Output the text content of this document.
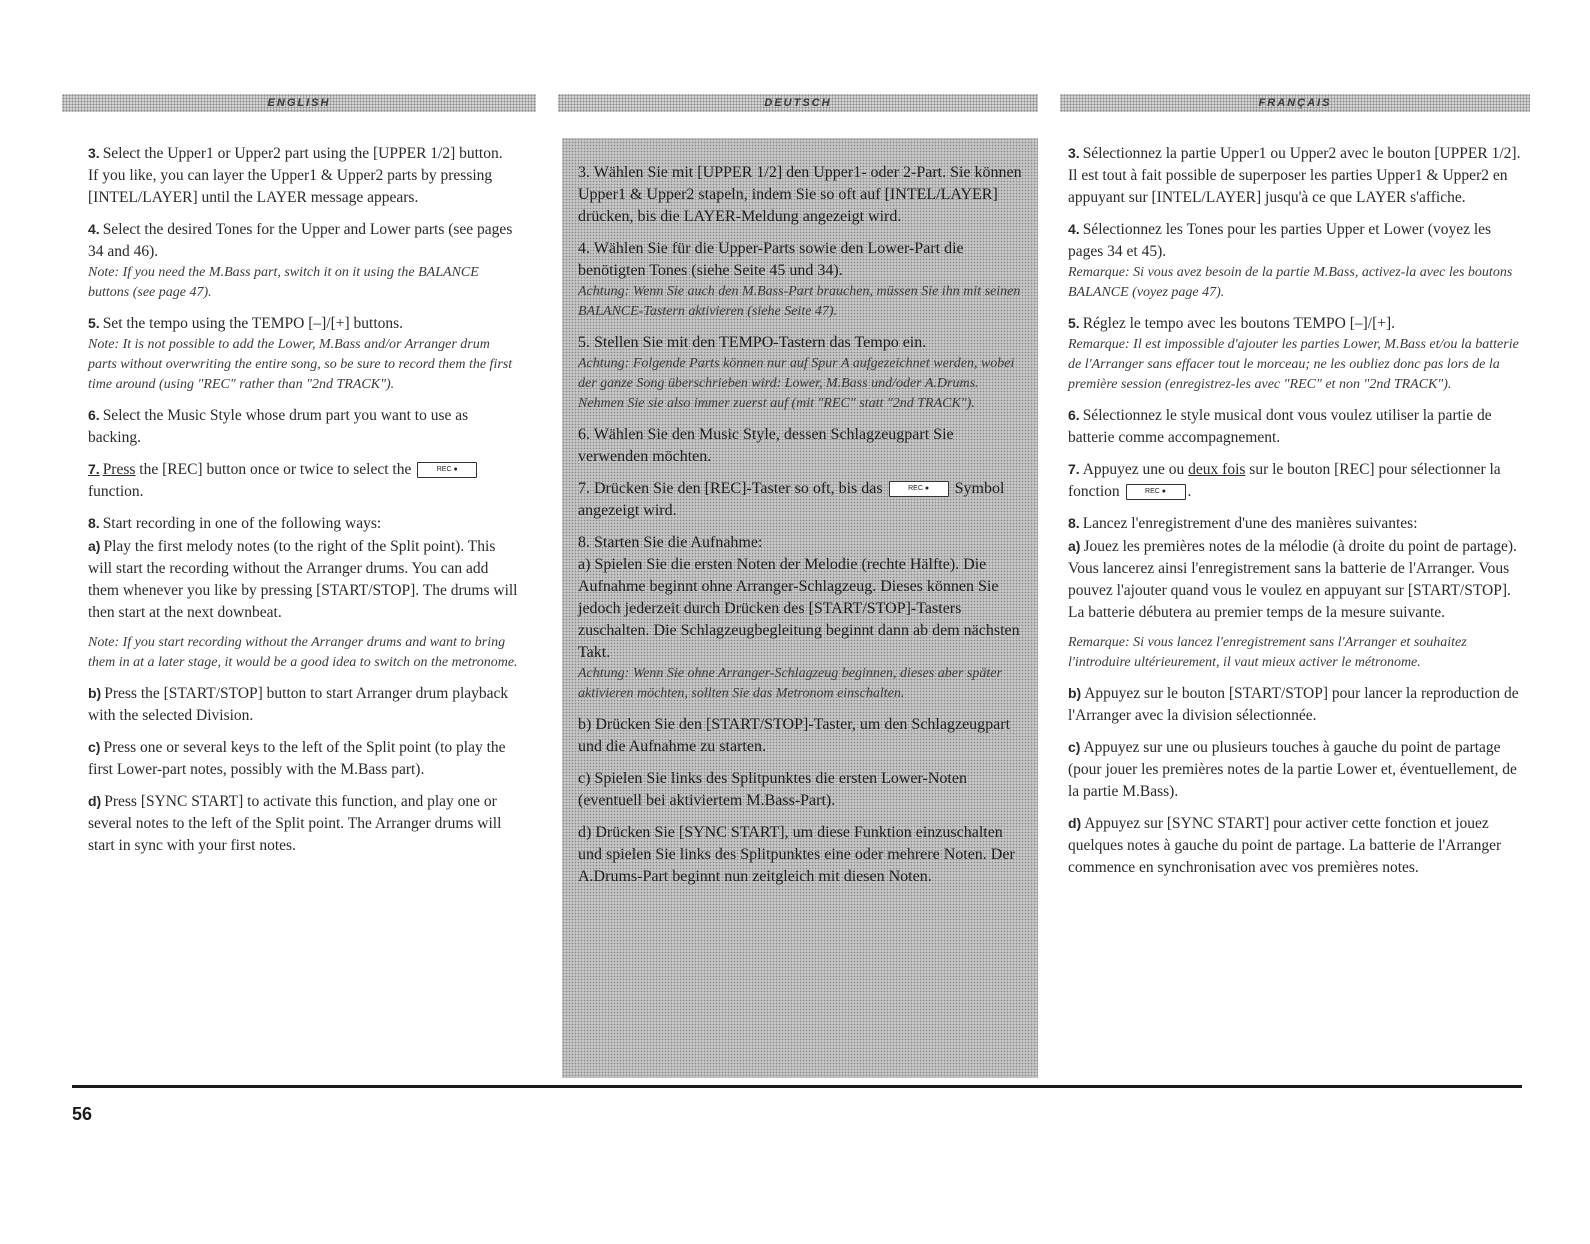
ENGLISH
3. Select the Upper1 or Upper2 part using the [UPPER 1/2] button.
If you like, you can layer the Upper1 & Upper2 parts by pressing [INTEL/LAYER] until the LAYER message appears.
4. Select the desired Tones for the Upper and Lower parts (see pages 34 and 46).
Note: If you need the M.Bass part, switch it on it using the BALANCE buttons (see page 47).
5. Set the tempo using the TEMPO [–]/[+] buttons.
Note: It is not possible to add the Lower, M.Bass and/or Arranger drum parts without overwriting the entire song, so be sure to record them the first time around (using "REC" rather than "2nd TRACK").
6. Select the Music Style whose drum part you want to use as backing.
7. Press the [REC] button once or twice to select the REC ● function.
8. Start recording in one of the following ways:
a) Play the first melody notes (to the right of the Split point). This will start the recording without the Arranger drums. You can add them whenever you like by pressing [START/STOP]. The drums will then start at the next downbeat.
Note: If you start recording without the Arranger drums and want to bring them in at a later stage, it would be a good idea to switch on the metronome.
b) Press the [START/STOP] button to start Arranger drum playback with the selected Division.
c) Press one or several keys to the left of the Split point (to play the first Lower-part notes, possibly with the M.Bass part).
d) Press [SYNC START] to activate this function, and play one or several notes to the left of the Split point. The Arranger drums will start in sync with your first notes.
DEUTSCH
3. Wählen Sie mit [UPPER 1/2] den Upper1- oder 2-Part. Sie können Upper1 & Upper2 stapeln, indem Sie so oft auf [INTEL/LAYER] drücken, bis die LAYER-Meldung angezeigt wird.
4. Wählen Sie für die Upper-Parts sowie den Lower-Part die benötigten Tones (siehe Seite 45 und 34).
Achtung: Wenn Sie auch den M.Bass-Part brauchen, müssen Sie ihn mit seinen BALANCE-Tastern aktivieren (siehe Seite 47).
5. Stellen Sie mit den TEMPO-Tastern das Tempo ein.
Achtung: Folgende Parts können nur auf Spur A aufgezeichnet werden, wobei der ganze Song überschrieben wird: Lower, M.Bass und/oder A.Drums. Nehmen Sie sie also immer zuerst auf (mit "REC" statt "2nd TRACK").
6. Wählen Sie den Music Style, dessen Schlagzeugpart Sie verwenden möchten.
7. Drücken Sie den [REC]-Taster so oft, bis das REC ●	Symbol angezeigt wird.
8. Starten Sie die Aufnahme:
a) Spielen Sie die ersten Noten der Melodie (rechte Hälfte). Die Aufnahme beginnt ohne Arranger-Schlagzeug. Dieses können Sie jedoch jederzeit durch Drücken des [START/STOP]-Tasters zuschalten. Die Schlagzeugbegleitung beginnt dann ab dem nächsten Takt.
Achtung: Wenn Sie ohne Arranger-Schlagzeug beginnen, dieses aber später aktivieren möchten, sollten Sie das Metronom einschalten.
b) Drücken Sie den [START/STOP]-Taster, um den Schlagzeugpart und die Aufnahme zu starten.
c) Spielen Sie links des Splitpunktes die ersten Lower-Noten (eventuell bei aktiviertem M.Bass-Part).
d) Drücken Sie [SYNC START], um diese Funktion einzuschalten und spielen Sie links des Splitpunktes eine oder mehrere Noten. Der A.Drums-Part beginnt nun zeitgleich mit diesen Noten.
FRANÇAIS
3. Sélectionnez la partie Upper1 ou Upper2 avec le bouton [UPPER 1/2].
Il est tout à fait possible de superposer les parties Upper1 & Upper2 en appuyant sur [INTEL/LAYER] jusqu'à ce que LAYER s'affiche.
4. Sélectionnez les Tones pour les parties Upper et Lower (voyez les pages 34 et 45).
Remarque: Si vous avez besoin de la partie M.Bass, activez-la avec les boutons BALANCE (voyez page 47).
5. Réglez le tempo avec les boutons TEMPO [–]/[+].
Remarque: Il est impossible d'ajouter les parties Lower, M.Bass et/ou la batterie de l'Arranger sans effacer tout le morceau; ne les oubliez donc pas lors de la première session (enregistrez-les avec "REC" et non "2nd TRACK").
6. Sélectionnez le style musical dont vous voulez utiliser la partie de batterie comme accompagnement.
7. Appuyez une ou deux fois sur le bouton [REC] pour sélectionner la fonction REC ●	.
8. Lancez l'enregistrement d'une des manières suivantes:
a) Jouez les premières notes de la mélodie (à droite du point de partage). Vous lancerez ainsi l'enregistrement sans la batterie de l'Arranger. Vous pouvez l'ajouter quand vous le voulez en appuyant sur [START/STOP]. La batterie débutera au premier temps de la mesure suivante.
Remarque: Si vous lancez l'enregistrement sans l'Arranger et souhaitez l'introduire ultérieurement, il vaut mieux activer le métronome.
b) Appuyez sur le bouton [START/STOP] pour lancer la reproduction de l'Arranger avec la division sélectionnée.
c) Appuyez sur une ou plusieurs touches à gauche du point de partage (pour jouer les premières notes de la partie Lower et, éventuellement, de la partie M.Bass).
d) Appuyez sur [SYNC START] pour activer cette fonction et jouez quelques notes à gauche du point de partage. La batterie de l'Arranger commence en synchronisation avec vos premières notes.
56
